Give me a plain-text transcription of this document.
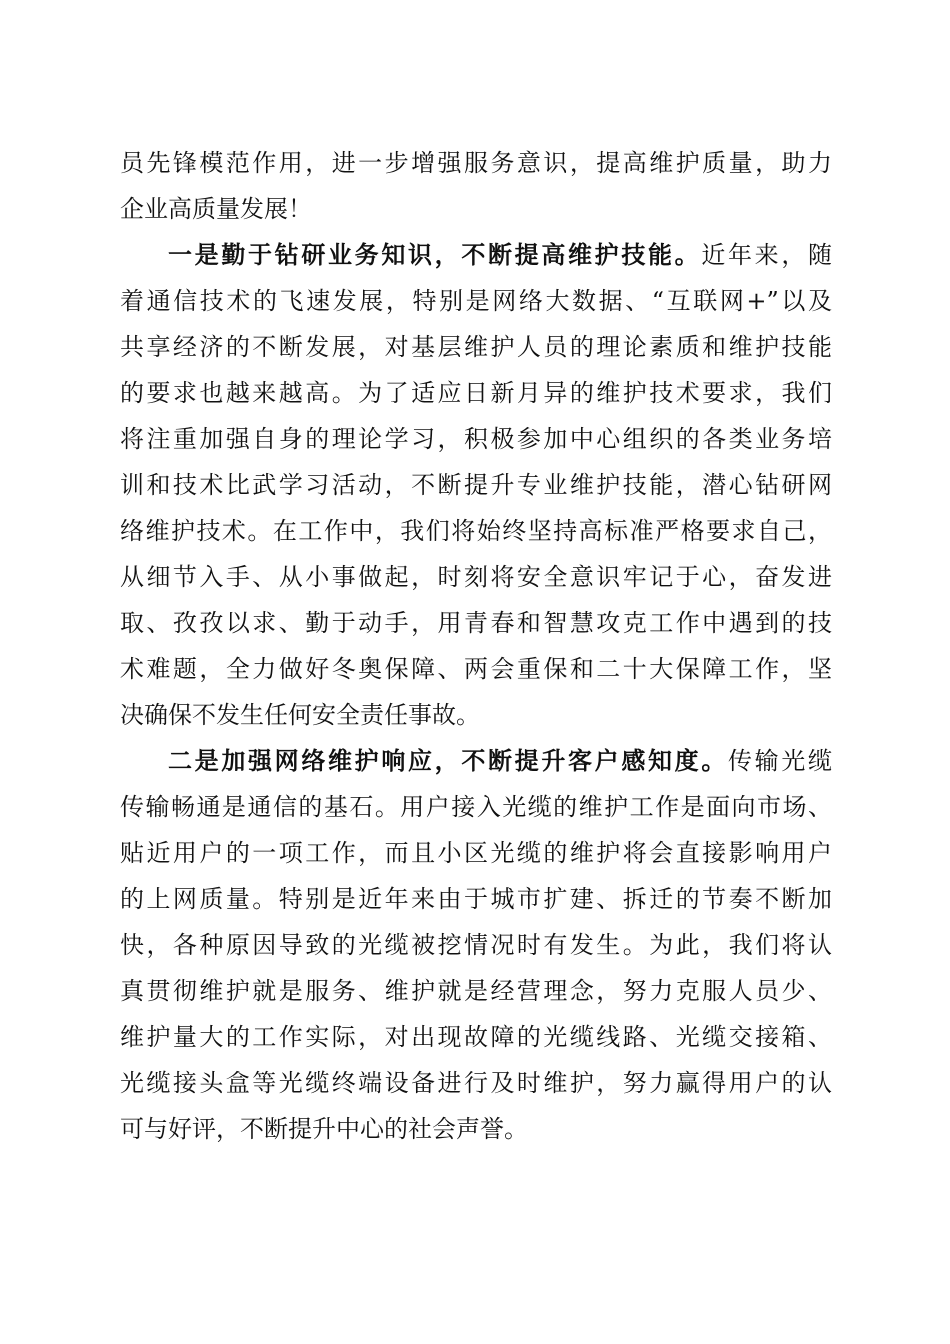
员先锋模范作用，进一步增强服务意识，提高维护质量，助力
企业高质量发展！
一是勤于钻研业务知识，不断提高维护技能。近年来，随
着通信技术的飞速发展，特别是网络大数据、“互联网+”以及
共享经济的不断发展，对基层维护人员的理论素质和维护技能
的要求也越来越高。为了适应日新月异的维护技术要求，我们
将注重加强自身的理论学习，积极参加中心组织的各类业务培
训和技术比武学习活动，不断提升专业维护技能，潜心钻研网
络维护技术。在工作中，我们将始终坚持高标准严格要求自己，
从细节入手、从小事做起，时刻将安全意识牢记于心，奋发进
取、孜孜以求、勤于动手，用青春和智慧攻克工作中遇到的技
术难题，全力做好冬奥保障、两会重保和二十大保障工作，坚
决确保不发生任何安全责任事故。
二是加强网络维护响应，不断提升客户感知度。传输光缆
传输畅通是通信的基石。用户接入光缆的维护工作是面向市场、
贴近用户的一项工作，而且小区光缆的维护将会直接影响用户
的上网质量。特别是近年来由于城市扩建、拆迁的节奏不断加
快，各种原因导致的光缆被挖情况时有发生。为此，我们将认
真贯彻维护就是服务、维护就是经营理念，努力克服人员少、
维护量大的工作实际，对出现故障的光缆线路、光缆交接箱、
光缆接头盒等光缆终端设备进行及时维护，努力赢得用户的认
可与好评，不断提升中心的社会声誉。
